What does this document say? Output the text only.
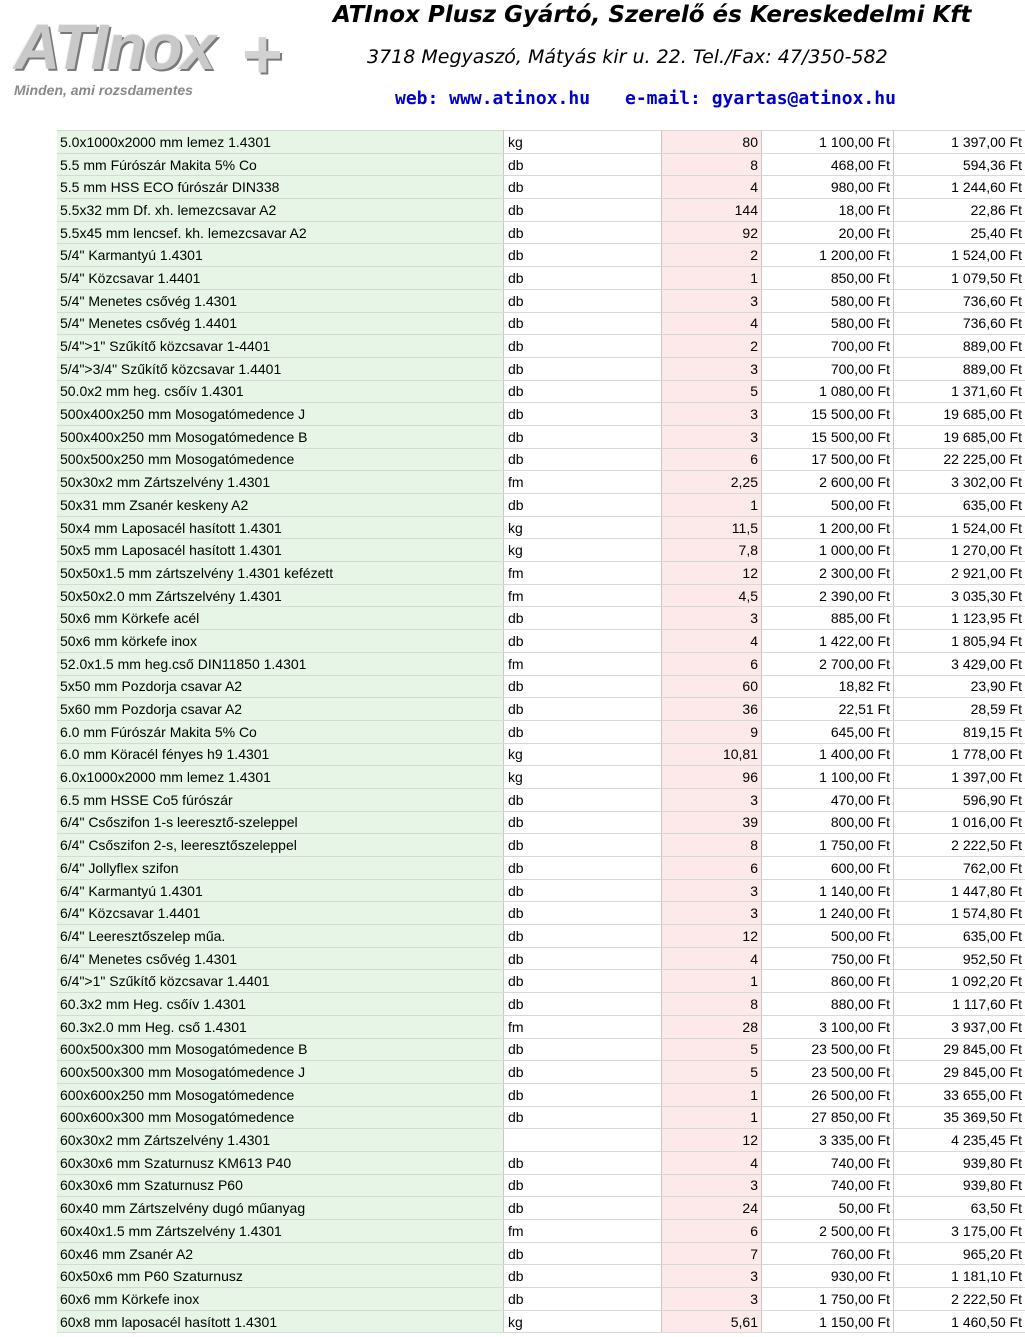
ATInox +
Minden, ami rozsdamentes
ATInox Plusz Gyártó, Szerelő és Kereskedelmi Kft
3718 Megyaszó, Mátyás kir u. 22. Tel./Fax: 47/350-582
web: www.atinox.hu e-mail: gyartas@atinox.hu
5.0x1000x2000 mm lemez 1.4301	kg	80	1 100,00 Ft	1 397,00 Ft
5.5 mm Fúrószár Makita 5% Co	db	8	468,00 Ft	594,36 Ft
5.5 mm HSS ECO fúrószár DIN338	db	4	980,00 Ft	1 244,60 Ft
5.5x32 mm Df. xh. lemezcsavar A2	db	144	18,00 Ft	22,86 Ft
5.5x45 mm lencsef. kh. lemezcsavar A2	db	92	20,00 Ft	25,40 Ft
5/4" Karmantyú 1.4301	db	2	1 200,00 Ft	1 524,00 Ft
5/4" Közcsavar 1.4401	db	1	850,00 Ft	1 079,50 Ft
5/4" Menetes csővég 1.4301	db	3	580,00 Ft	736,60 Ft
5/4" Menetes csővég 1.4401	db	4	580,00 Ft	736,60 Ft
5/4">1" Szűkítő közcsavar 1-4401	db	2	700,00 Ft	889,00 Ft
5/4">3/4" Szűkítő közcsavar 1.4401	db	3	700,00 Ft	889,00 Ft
50.0x2 mm heg. csőív 1.4301	db	5	1 080,00 Ft	1 371,60 Ft
500x400x250 mm Mosogatómedence J	db	3	15 500,00 Ft	19 685,00 Ft
500x400x250 mm Mosogatómedence B	db	3	15 500,00 Ft	19 685,00 Ft
500x500x250 mm Mosogatómedence	db	6	17 500,00 Ft	22 225,00 Ft
50x30x2 mm Zártszelvény 1.4301	fm	2,25	2 600,00 Ft	3 302,00 Ft
50x31 mm Zsanér keskeny A2	db	1	500,00 Ft	635,00 Ft
50x4 mm Laposacél hasított 1.4301	kg	11,5	1 200,00 Ft	1 524,00 Ft
50x5 mm Laposacél hasított 1.4301	kg	7,8	1 000,00 Ft	1 270,00 Ft
50x50x1.5 mm zártszelvény 1.4301 kefézett	fm	12	2 300,00 Ft	2 921,00 Ft
50x50x2.0 mm Zártszelvény 1.4301	fm	4,5	2 390,00 Ft	3 035,30 Ft
50x6 mm Körkefe acél	db	3	885,00 Ft	1 123,95 Ft
50x6 mm körkefe inox	db	4	1 422,00 Ft	1 805,94 Ft
52.0x1.5 mm heg.cső DIN11850 1.4301	fm	6	2 700,00 Ft	3 429,00 Ft
5x50 mm Pozdorja csavar A2	db	60	18,82 Ft	23,90 Ft
5x60 mm Pozdorja csavar A2	db	36	22,51 Ft	28,59 Ft
6.0 mm Fúrószár Makita 5% Co	db	9	645,00 Ft	819,15 Ft
6.0 mm Köracél fényes h9 1.4301	kg	10,81	1 400,00 Ft	1 778,00 Ft
6.0x1000x2000 mm lemez 1.4301	kg	96	1 100,00 Ft	1 397,00 Ft
6.5 mm HSSE Co5 fúrószár	db	3	470,00 Ft	596,90 Ft
6/4" Csőszifon 1-s leeresztő-szeleppel	db	39	800,00 Ft	1 016,00 Ft
6/4" Csőszifon 2-s, leeresztőszeleppel	db	8	1 750,00 Ft	2 222,50 Ft
6/4" Jollyflex szifon	db	6	600,00 Ft	762,00 Ft
6/4" Karmantyú 1.4301	db	3	1 140,00 Ft	1 447,80 Ft
6/4" Közcsavar 1.4401	db	3	1 240,00 Ft	1 574,80 Ft
6/4" Leeresztőszelep műa.	db	12	500,00 Ft	635,00 Ft
6/4" Menetes csővég 1.4301	db	4	750,00 Ft	952,50 Ft
6/4">1" Szűkítő közcsavar 1.4401	db	1	860,00 Ft	1 092,20 Ft
60.3x2 mm Heg. csőív 1.4301	db	8	880,00 Ft	1 117,60 Ft
60.3x2.0 mm Heg. cső 1.4301	fm	28	3 100,00 Ft	3 937,00 Ft
600x500x300 mm Mosogatómedence B	db	5	23 500,00 Ft	29 845,00 Ft
600x500x300 mm Mosogatómedence J	db	5	23 500,00 Ft	29 845,00 Ft
600x600x250 mm Mosogatómedence	db	1	26 500,00 Ft	33 655,00 Ft
600x600x300 mm Mosogatómedence	db	1	27 850,00 Ft	35 369,50 Ft
60x30x2 mm Zártszelvény 1.4301		12	3 335,00 Ft	4 235,45 Ft
60x30x6 mm Szaturnusz KM613 P40	db	4	740,00 Ft	939,80 Ft
60x30x6 mm Szaturnusz P60	db	3	740,00 Ft	939,80 Ft
60x40 mm Zártszelvény dugó műanyag	db	24	50,00 Ft	63,50 Ft
60x40x1.5 mm Zártszelvény 1.4301	fm	6	2 500,00 Ft	3 175,00 Ft
60x46 mm Zsanér A2	db	7	760,00 Ft	965,20 Ft
60x50x6 mm P60 Szaturnusz	db	3	930,00 Ft	1 181,10 Ft
60x6 mm Körkefe inox	db	3	1 750,00 Ft	2 222,50 Ft
60x8 mm laposacél hasított 1.4301	kg	5,61	1 150,00 Ft	1 460,50 Ft
